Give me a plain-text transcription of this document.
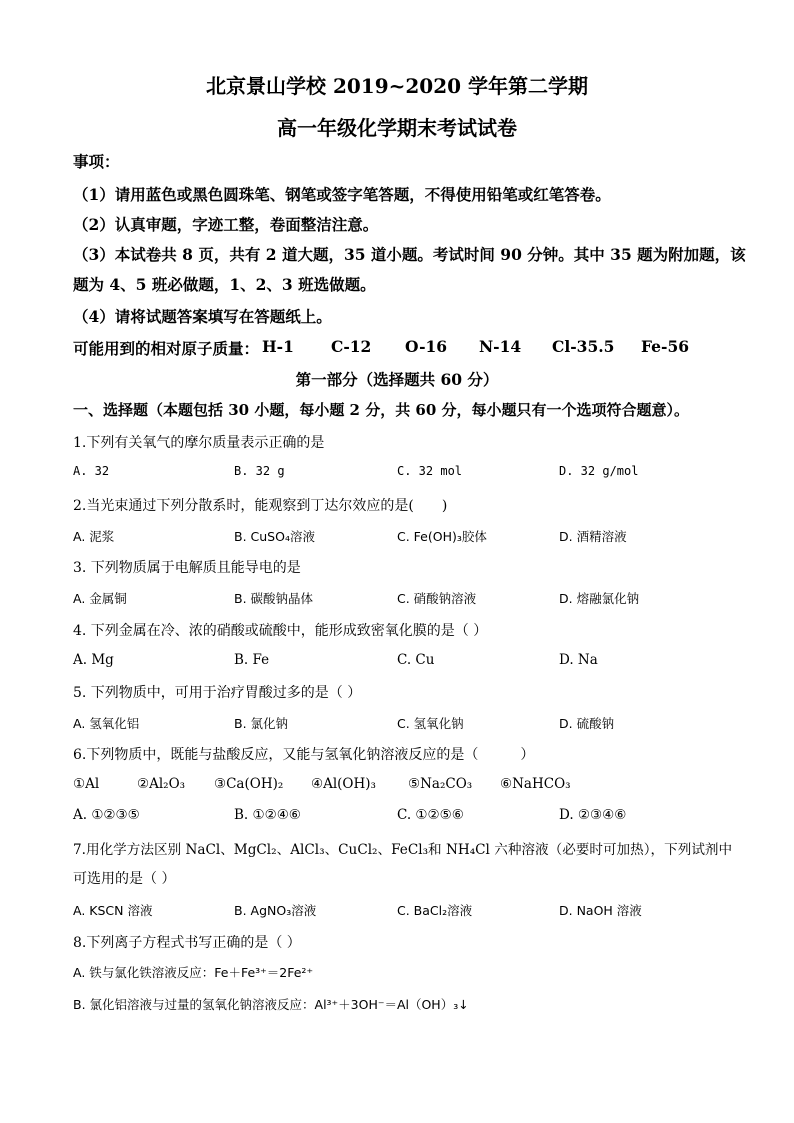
北京景山学校 2019~2020 学年第二学期
高一年级化学期末考试试卷
事项：
（1）请用蓝色或黑色圆珠笔、钢笔或签字笔答题，不得使用铅笔或红笔答卷。
（2）认真审题，字迹工整，卷面整洁注意。
（3）本试卷共 8 页，共有 2 道大题，35 道小题。考试时间 90 分钟。其中 35 题为附加题，该
题为 4、5 班必做题，1、2、3 班选做题。
（4）请将试题答案填写在答题纸上。
可能用到的相对原子质量： H-1 C-12 O-16 N-14 Cl-35.5 Fe-56
第一部分（选择题共 60 分）
一、选择题（本题包括 30 小题，每小题 2 分，共 60 分，每小题只有一个选项符合题意）。
1.下列有关氧气的摩尔质量表示正确的是
A. 32	B. 32 g	C. 32 mol	D. 32 g/mol
2.当光束通过下列分散系时，能观察到丁达尔效应的是(　　)
A. 泥浆	B. CuSO₄溶液	C. Fe(OH)₃胶体	D. 酒精溶液
3. 下列物质属于电解质且能导电的是
A. 金属铜	B. 碳酸钠晶体	C. 硝酸钠溶液	D. 熔融氯化钠
4. 下列金属在冷、浓的硝酸或硫酸中，能形成致密氧化膜的是（ ）
A. Mg	B. Fe	C. Cu	D. Na
5. 下列物质中，可用于治疗胃酸过多的是（ ）
A. 氢氧化铝	B. 氯化钠	C. 氢氧化钠	D. 硫酸钠
6.下列物质中，既能与盐酸反应，又能与氢氧化钠溶液反应的是（　　　）
①Al	②Al₂O₃ ③Ca(OH)₂ ④Al(OH)₃ ⑤Na₂CO₃ ⑥NaHCO₃
A. ①②③⑤	B. ①②④⑥	C. ①②⑤⑥	D. ②③④⑥
7.用化学方法区别 NaCl、MgCl₂、AlCl₃、CuCl₂、FeCl₃和 NH₄Cl 六种溶液（必要时可加热），下列试剂中
可选用的是（ ）
A. KSCN 溶液	B. AgNO₃溶液	C. BaCl₂溶液	D. NaOH 溶液
8.下列离子方程式书写正确的是（ ）
A. 铁与氯化铁溶液反应：Fe＋Fe³⁺＝2Fe²⁺
B. 氯化铝溶液与过量的氢氧化钠溶液反应：Al³⁺＋3OH⁻＝Al（OH）₃↓
